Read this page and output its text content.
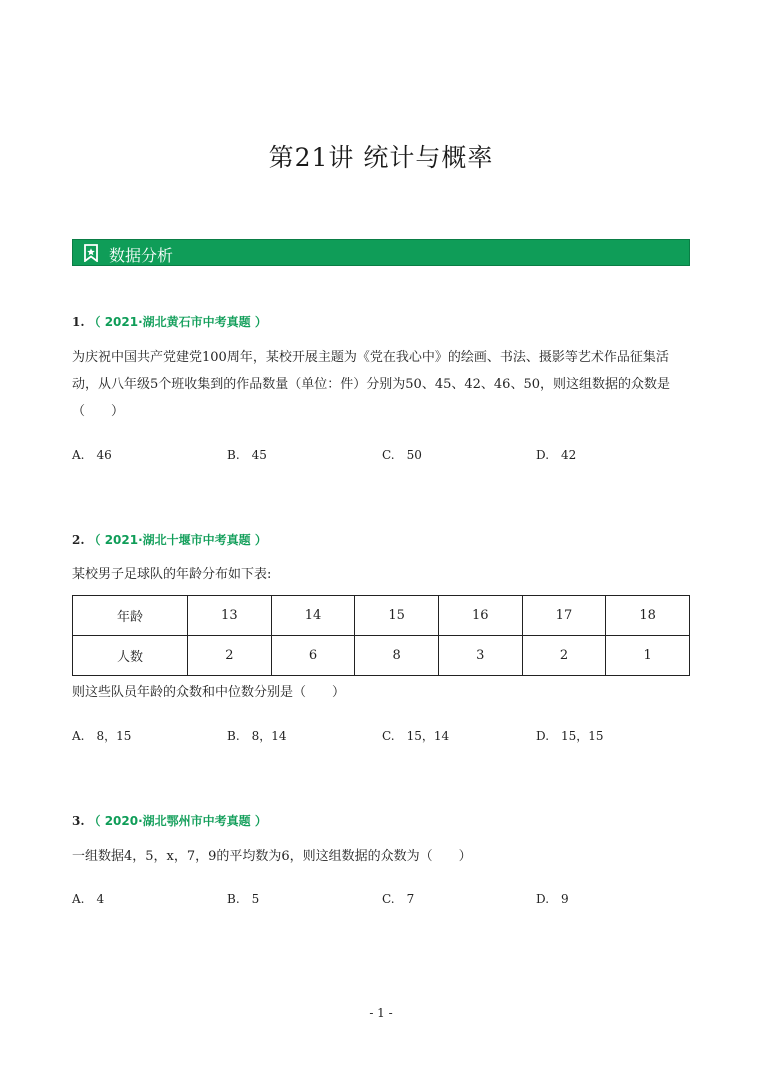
第21讲 统计与概率
数据分析
1. （ 2021·湖北黄石市中考真题 ）
为庆祝中国共产党建党100周年，某校开展主题为《党在我心中》的绘画、书法、摄影等艺术作品征集活
动，从八年级5个班收集到的作品数量（单位：件）分别为50、45、42、46、50，则这组数据的众数是
（　　）
A.　46	B.　45	C.　50	D.　42
2. （ 2021·湖北十堰市中考真题 ）
某校男子足球队的年龄分布如下表:
年龄	13	14	15	16	17	18
人数	2	6	8	3	2	1
则这些队员年龄的众数和中位数分别是（　　）
A.　8，15	B.　8，14	C.　15，14	D.　15，15
3. （ 2020·湖北鄂州市中考真题 ）
一组数据4，5，x，7，9的平均数为6，则这组数据的众数为（　　）
A.　4	B.　5	C.　7	D.　9
- 1 -
